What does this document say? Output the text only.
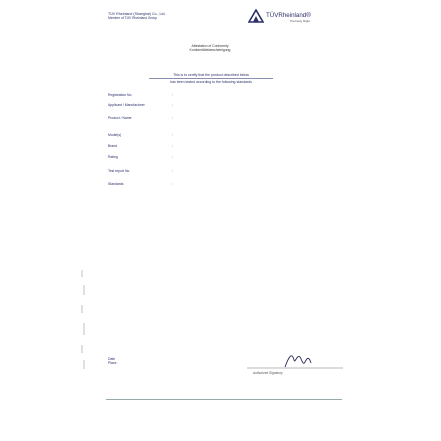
TÜV Rheinland (Shanghai) Co., Ltd.
Member of TÜV Rheinland Group	TÜVRheinland®
Precisely Right.
Attestation of Conformity
Konformitätsbescheinigung
This is to certify that the product described below
has been tested according to the following standards
Registration No.	:
Applicant / Manufacturer	:
Product / Name	:
Model(s)	:
Brand	:
Rating	:
Test report No.	:
Standards	:
Date
Place
Authorized Signatory
